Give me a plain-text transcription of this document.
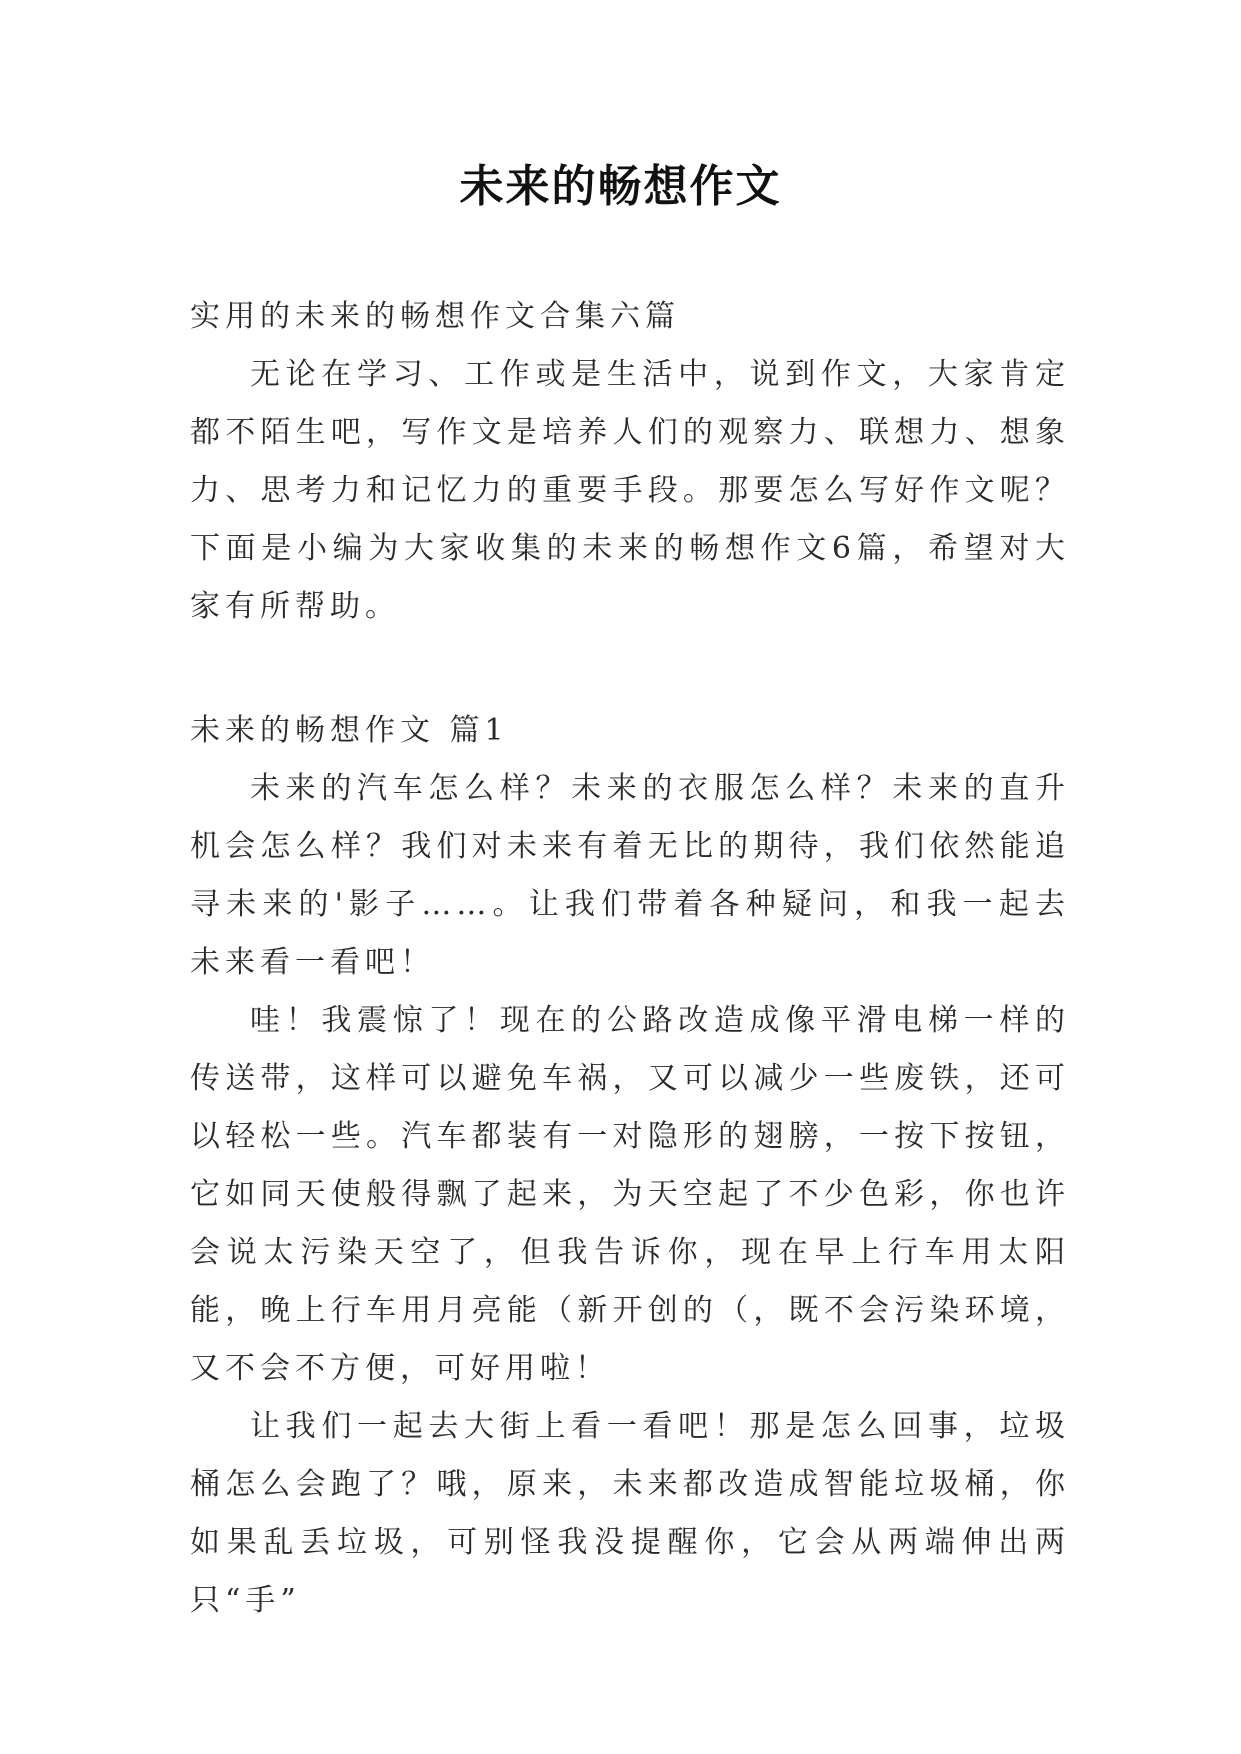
未来的畅想作文

实用的未来的畅想作文合集六篇

无论在学习、工作或是生活中，说到作文，大家肯定都不陌生吧，写作文是培养人们的观察力、联想力、想象力、思考力和记忆力的重要手段。那要怎么写好作文呢？下面是小编为大家收集的未来的畅想作文6篇，希望对大家有所帮助。

未来的畅想作文 篇1

未来的汽车怎么样？未来的衣服怎么样？未来的直升机会怎么样？我们对未来有着无比的期待，我们依然能追寻未来的'影子……。让我们带着各种疑问，和我一起去未来看一看吧！

哇！我震惊了！现在的公路改造成像平滑电梯一样的传送带，这样可以避免车祸，又可以减少一些废铁，还可以轻松一些。汽车都装有一对隐形的翅膀，一按下按钮，它如同天使般得飘了起来，为天空起了不少色彩，你也许会说太污染天空了，但我告诉你，现在早上行车用太阳能，晚上行车用月亮能（新开创的（，既不会污染环境，又不会不方便，可好用啦！

让我们一起去大街上看一看吧！那是怎么回事，垃圾桶怎么会跑了？哦，原来，未来都改造成智能垃圾桶，你如果乱丢垃圾，可别怪我没提醒你，它会从两端伸出两只“手”
